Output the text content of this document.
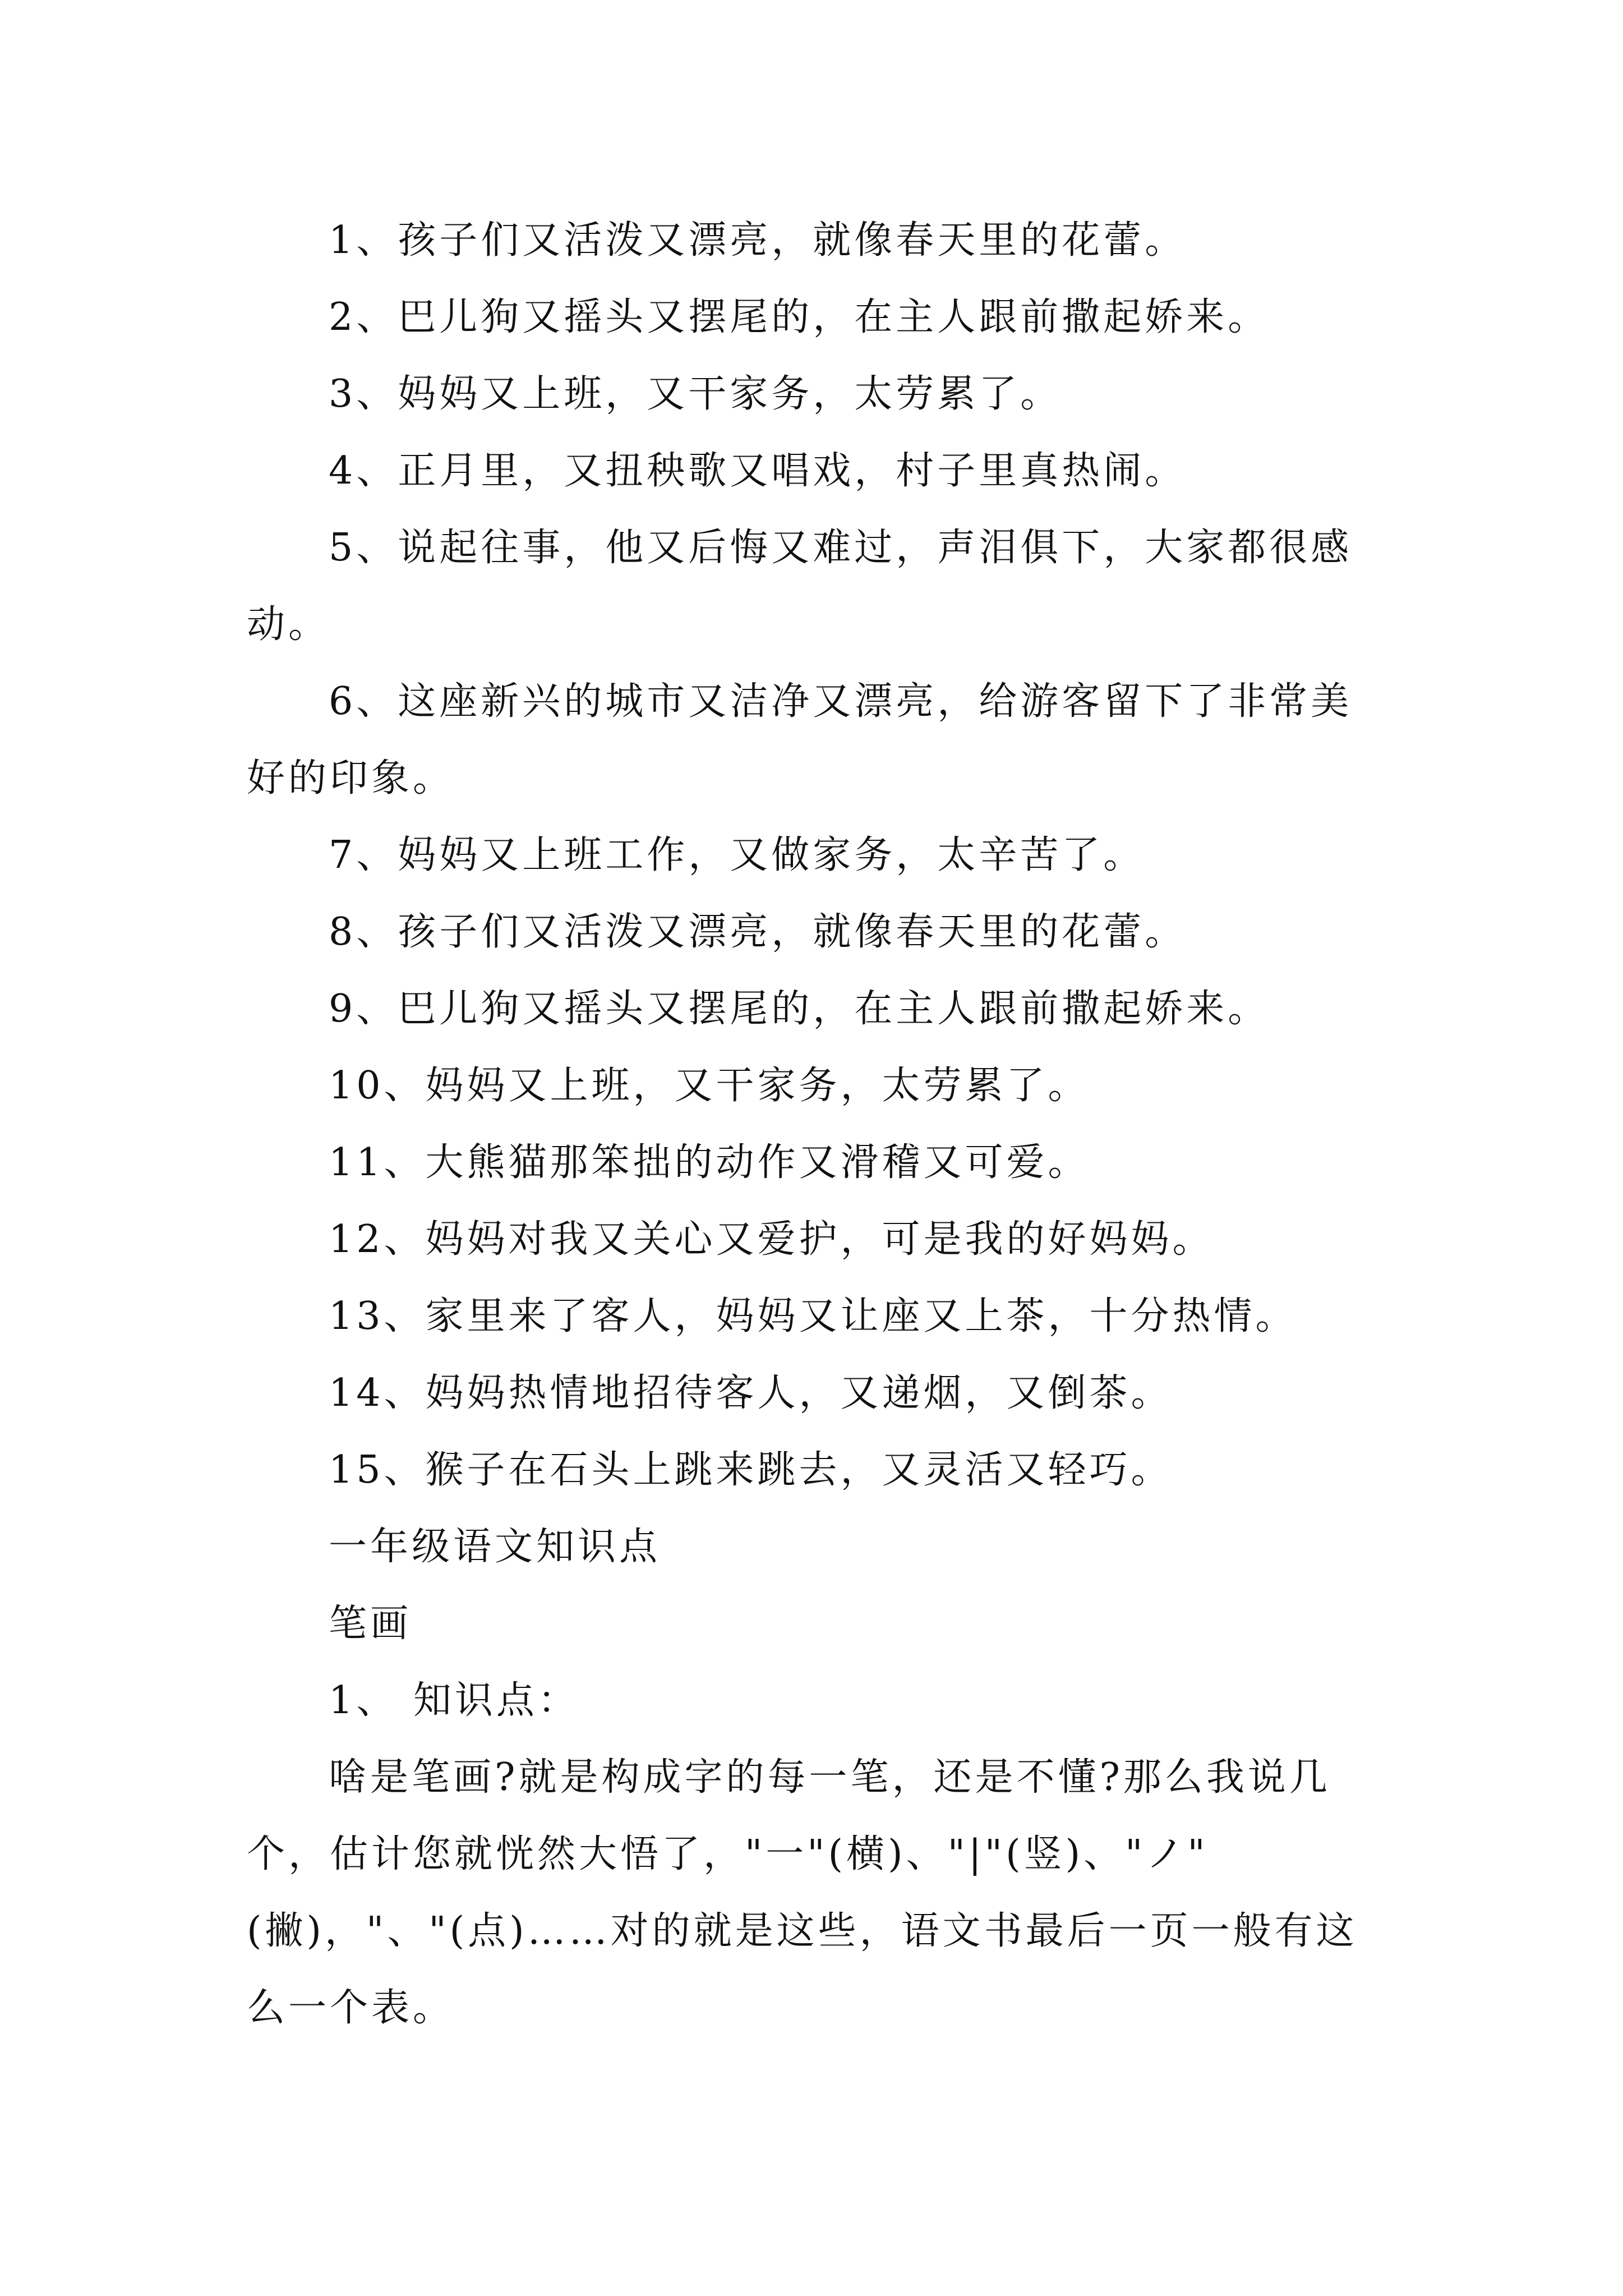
1、孩子们又活泼又漂亮，就像春天里的花蕾。

2、巴儿狗又摇头又摆尾的，在主人跟前撒起娇来。

3、妈妈又上班，又干家务，太劳累了。

4、正月里，又扭秧歌又唱戏，村子里真热闹。

5、说起往事，他又后悔又难过，声泪俱下，大家都很感动。

6、这座新兴的城市又洁净又漂亮，给游客留下了非常美好的印象。

7、妈妈又上班工作，又做家务，太辛苦了。

8、孩子们又活泼又漂亮，就像春天里的花蕾。

9、巴儿狗又摇头又摆尾的，在主人跟前撒起娇来。

10、妈妈又上班，又干家务，太劳累了。

11、大熊猫那笨拙的动作又滑稽又可爱。

12、妈妈对我又关心又爱护，可是我的好妈妈。

13、家里来了客人，妈妈又让座又上茶，十分热情。

14、妈妈热情地招待客人，又递烟，又倒茶。

15、猴子在石头上跳来跳去，又灵活又轻巧。

一年级语文知识点

笔画

1、 知识点：

啥是笔画?就是构成字的每一笔，还是不懂?那么我说几个，估计您就恍然大悟了，"一"(横)、"|"(竖)、"ノ"(撇)，"、"(点)……对的就是这些，语文书最后一页一般有这么一个表。
